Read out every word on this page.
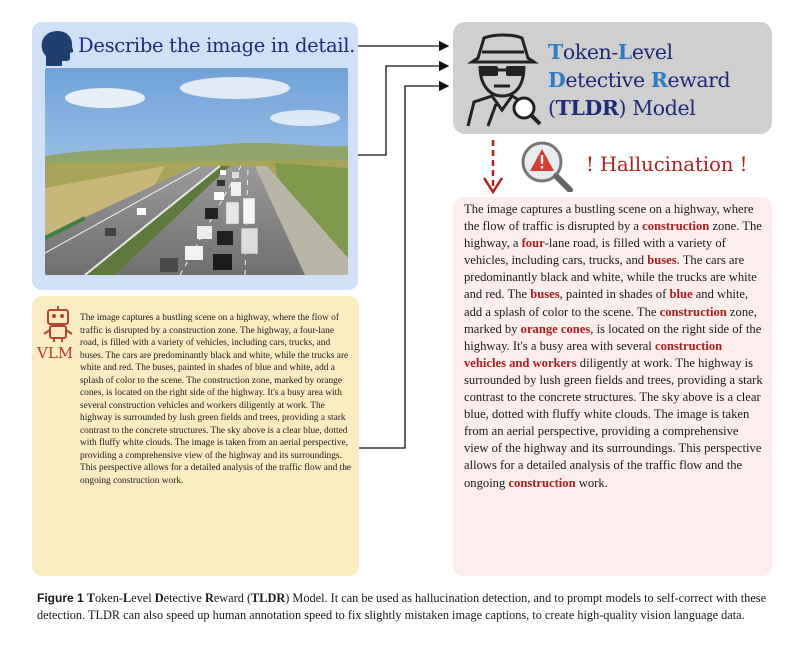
Describe the image in detail.
VLM
The image captures a bustling scene on a highway, where the flow of traffic is disrupted by a construction zone. The highway, a four-lane road, is filled with a variety of vehicles, including cars, trucks, and buses. The cars are predominantly black and white, while the trucks are white and red. The buses, painted in shades of blue and white, add a splash of color to the scene. The construction zone, marked by orange cones, is located on the right side of the highway. It's a busy area with several construction vehicles and workers diligently at work. The highway is surrounded by lush green fields and trees, providing a stark contrast to the concrete structures. The sky above is a clear blue, dotted with fluffy white clouds. The image is taken from an aerial perspective, providing a comprehensive view of the highway and its surroundings. This perspective allows for a detailed analysis of the traffic flow and the ongoing construction work.
Token-Level
Detective Reward
(TLDR) Model
! Hallucination !
The image captures a bustling scene on a highway, where the flow of traffic is disrupted by a construction zone. The highway, a four-lane road, is filled with a variety of vehicles, including cars, trucks, and buses. The cars are predominantly black and white, while the trucks are white and red. The buses, painted in shades of blue and white, add a splash of color to the scene. The construction zone, marked by orange cones, is located on the right side of the highway. It's a busy area with several construction vehicles and workers diligently at work. The highway is surrounded by lush green fields and trees, providing a stark contrast to the concrete structures. The sky above is a clear blue, dotted with fluffy white clouds. The image is taken from an aerial perspective, providing a comprehensive view of the highway and its surroundings. This perspective allows for a detailed analysis of the traffic flow and the ongoing construction work.
Figure 1 Token-Level Detective Reward (TLDR) Model. It can be used as hallucination detection, and to prompt models to self-correct with these detection. TLDR can also speed up human annotation speed to fix slightly mistaken image captions, to create high-quality vision language data.
